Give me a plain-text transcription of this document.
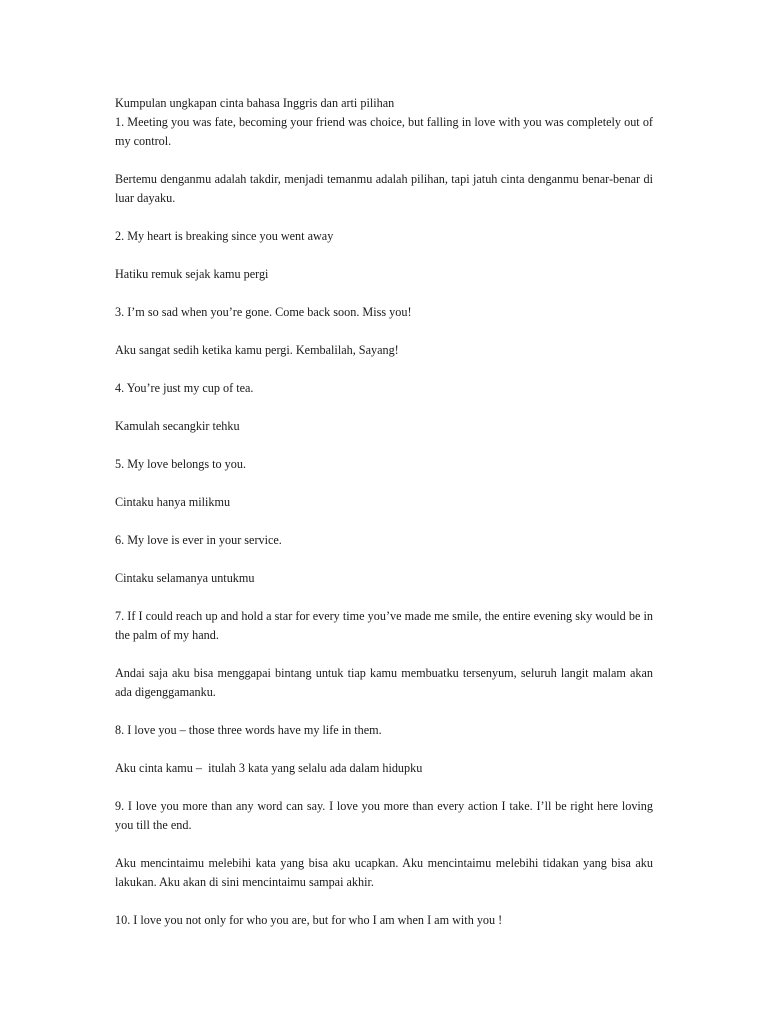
Kumpulan ungkapan cinta bahasa Inggris dan arti pilihan

1. Meeting you was fate, becoming your friend was choice, but falling in love with you was completely out of my control.

Bertemu denganmu adalah takdir, menjadi temanmu adalah pilihan, tapi jatuh cinta denganmu benar-benar di luar dayaku.

2. My heart is breaking since you went away

Hatiku remuk sejak kamu pergi

3. I’m so sad when you’re gone. Come back soon. Miss you!

Aku sangat sedih ketika kamu pergi. Kembalilah, Sayang!

4. You’re just my cup of tea.

Kamulah secangkir tehku

5. My love belongs to you.

Cintaku hanya milikmu

6. My love is ever in your service.

Cintaku selamanya untukmu

7. If I could reach up and hold a star for every time you’ve made me smile, the entire evening sky would be in the palm of my hand.

Andai saja aku bisa menggapai bintang untuk tiap kamu membuatku tersenyum, seluruh langit malam akan ada digenggamanku.

8. I love you – those three words have my life in them.

Aku cinta kamu –  itulah 3 kata yang selalu ada dalam hidupku

9. I love you more than any word can say. I love you more than every action I take. I’ll be right here loving you till the end.

Aku mencintaimu melebihi kata yang bisa aku ucapkan. Aku mencintaimu melebihi tidakan yang bisa aku lakukan. Aku akan di sini mencintaimu sampai akhir.

10. I love you not only for who you are, but for who I am when I am with you !
